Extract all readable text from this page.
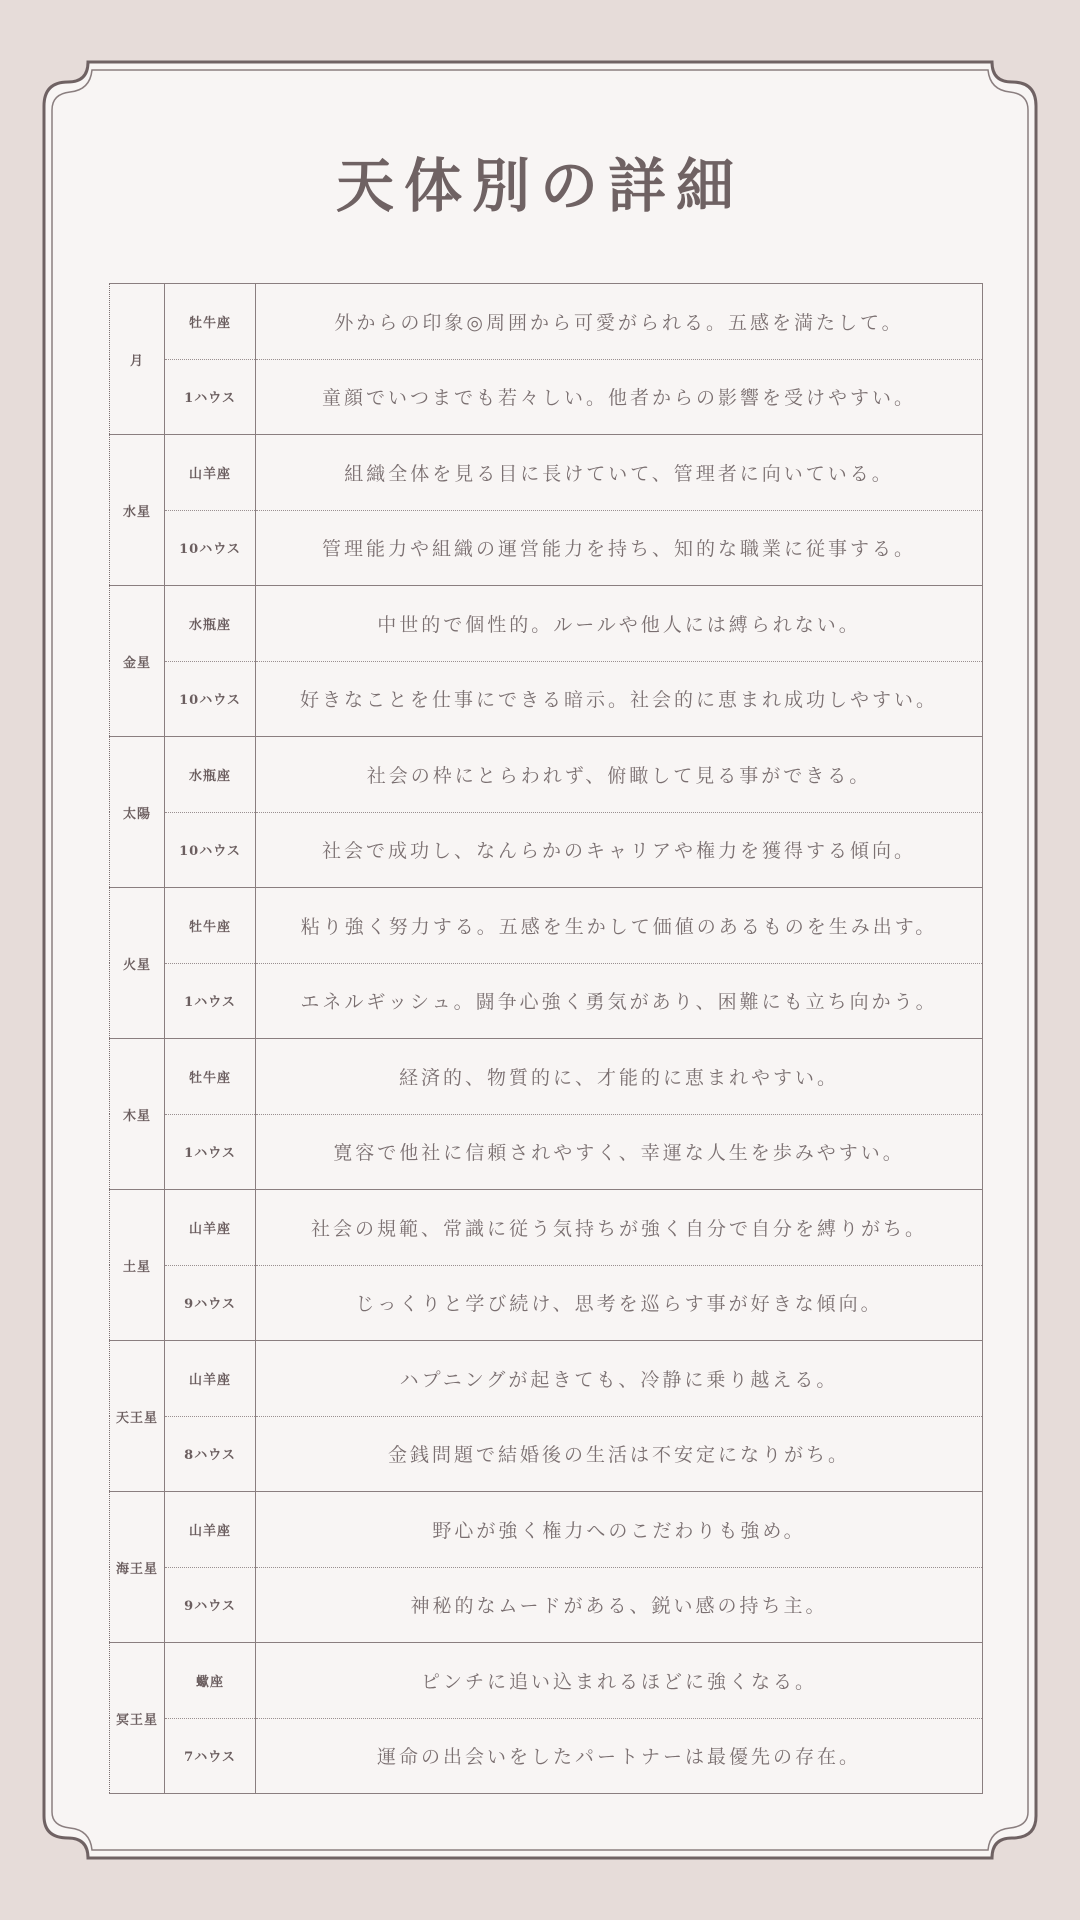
天体別の詳細
月	牡牛座	外からの印象◎周囲から可愛がられる。五感を満たして。
	1ハウス	童顔でいつまでも若々しい。他者からの影響を受けやすい。
水星	山羊座	組織全体を見る目に長けていて、管理者に向いている。
	10ハウス	管理能力や組織の運営能力を持ち、知的な職業に従事する。
金星	水瓶座	中世的で個性的。ルールや他人には縛られない。
	10ハウス	好きなことを仕事にできる暗示。社会的に恵まれ成功しやすい。
太陽	水瓶座	社会の枠にとらわれず、俯瞰して見る事ができる。
	10ハウス	社会で成功し、なんらかのキャリアや権力を獲得する傾向。
火星	牡牛座	粘り強く努力する。五感を生かして価値のあるものを生み出す。
	1ハウス	エネルギッシュ。闘争心強く勇気があり、困難にも立ち向かう。
木星	牡牛座	経済的、物質的に、才能的に恵まれやすい。
	1ハウス	寛容で他社に信頼されやすく、幸運な人生を歩みやすい。
土星	山羊座	社会の規範、常識に従う気持ちが強く自分で自分を縛りがち。
	9ハウス	じっくりと学び続け、思考を巡らす事が好きな傾向。
天王星	山羊座	ハプニングが起きても、冷静に乗り越える。
	8ハウス	金銭問題で結婚後の生活は不安定になりがち。
海王星	山羊座	野心が強く権力へのこだわりも強め。
	9ハウス	神秘的なムードがある、鋭い感の持ち主。
冥王星	蠍座	ピンチに追い込まれるほどに強くなる。
	7ハウス	運命の出会いをしたパートナーは最優先の存在。
